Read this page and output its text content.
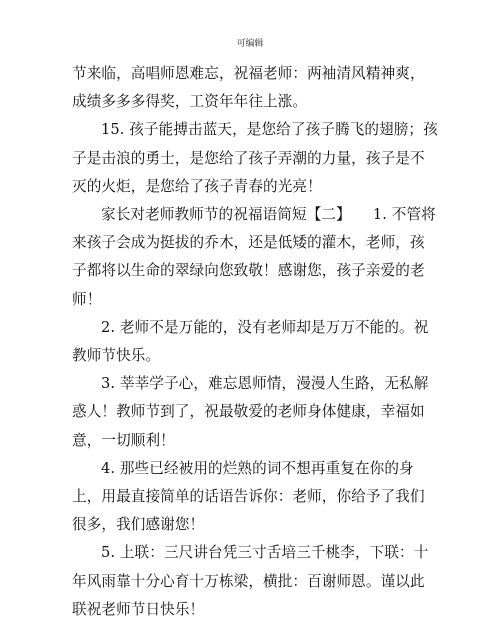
可编辑

节来临，高唱师恩难忘，祝福老师：两袖清风精神爽，成绩多多多得奖，工资年年往上涨。

15. 孩子能搏击蓝天，是您给了孩子腾飞的翅膀；孩子是击浪的勇士，是您给了孩子弄潮的力量，孩子是不灭的火炬，是您给了孩子青春的光亮！

家长对老师教师节的祝福语简短【二】　　1. 不管将来孩子会成为挺拔的乔木，还是低矮的灌木，老师，孩子都将以生命的翠绿向您致敬！感谢您，孩子亲爱的老师！

2. 老师不是万能的，没有老师却是万万不能的。祝教师节快乐。

3. 莘莘学子心，难忘恩师情，漫漫人生路，无私解惑人！教师节到了，祝最敬爱的老师身体健康，幸福如意，一切顺利！

4. 那些已经被用的烂熟的词不想再重复在你的身上，用最直接简单的话语告诉你：老师，你给予了我们很多，我们感谢您！

5. 上联：三尺讲台凭三寸舌培三千桃李，下联：十年风雨靠十分心育十万栋梁，横批：百谢师恩。谨以此联祝老师节日快乐！
